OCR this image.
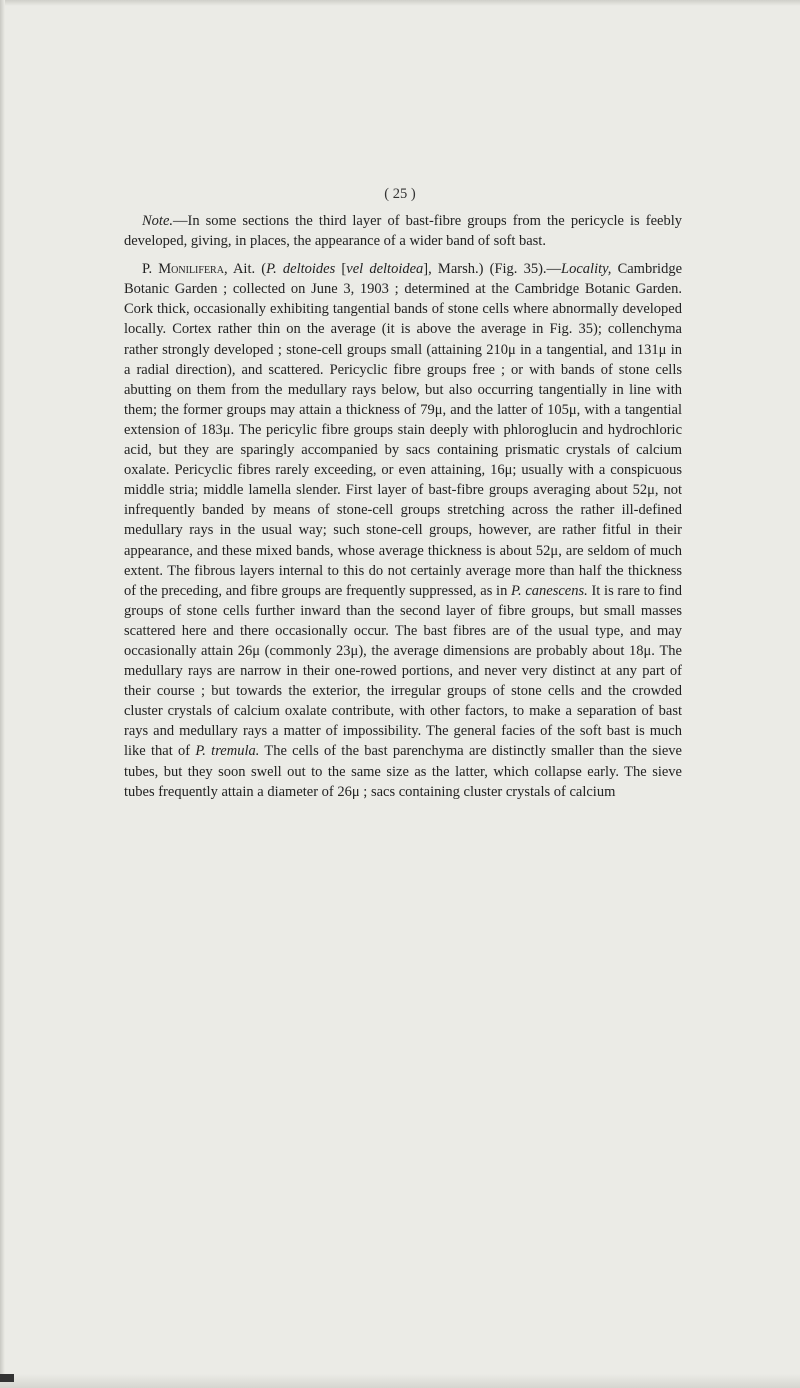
( 25 )

Note.—In some sections the third layer of bast-fibre groups from the pericycle is feebly developed, giving, in places, the appearance of a wider band of soft bast.

P. Monilifera, Ait. (P. deltoides [vel deltoidea], Marsh.) (Fig. 35).—Locality, Cambridge Botanic Garden ; collected on June 3, 1903 ; determined at the Cambridge Botanic Garden. Cork thick, occasionally exhibiting tangential bands of stone cells where abnormally developed locally. Cortex rather thin on the average (it is above the average in Fig. 35); collenchyma rather strongly developed ; stone-cell groups small (attaining 210μ in a tangential, and 131μ in a radial direction), and scattered. Pericyclic fibre groups free ; or with bands of stone cells abutting on them from the medullary rays below, but also occurring tangentially in line with them; the former groups may attain a thickness of 79μ, and the latter of 105μ, with a tangential extension of 183μ. The pericylic fibre groups stain deeply with phloroglucin and hydrochloric acid, but they are sparingly accompanied by sacs containing prismatic crystals of calcium oxalate. Pericyclic fibres rarely exceeding, or even attaining, 16μ; usually with a conspicuous middle stria; middle lamella slender. First layer of bast-fibre groups averaging about 52μ, not infrequently banded by means of stone-cell groups stretching across the rather ill-defined medullary rays in the usual way; such stone-cell groups, however, are rather fitful in their appearance, and these mixed bands, whose average thickness is about 52μ, are seldom of much extent. The fibrous layers internal to this do not certainly average more than half the thickness of the preceding, and fibre groups are frequently suppressed, as in P. canescens. It is rare to find groups of stone cells further inward than the second layer of fibre groups, but small masses scattered here and there occasionally occur. The bast fibres are of the usual type, and may occasionally attain 26μ (commonly 23μ), the average dimensions are probably about 18μ. The medullary rays are narrow in their one-rowed portions, and never very distinct at any part of their course ; but towards the exterior, the irregular groups of stone cells and the crowded cluster crystals of calcium oxalate contribute, with other factors, to make a separation of bast rays and medullary rays a matter of impossibility. The general facies of the soft bast is much like that of P. tremula. The cells of the bast parenchyma are distinctly smaller than the sieve tubes, but they soon swell out to the same size as the latter, which collapse early. The sieve tubes frequently attain a diameter of 26μ ; sacs containing cluster crystals of calcium
